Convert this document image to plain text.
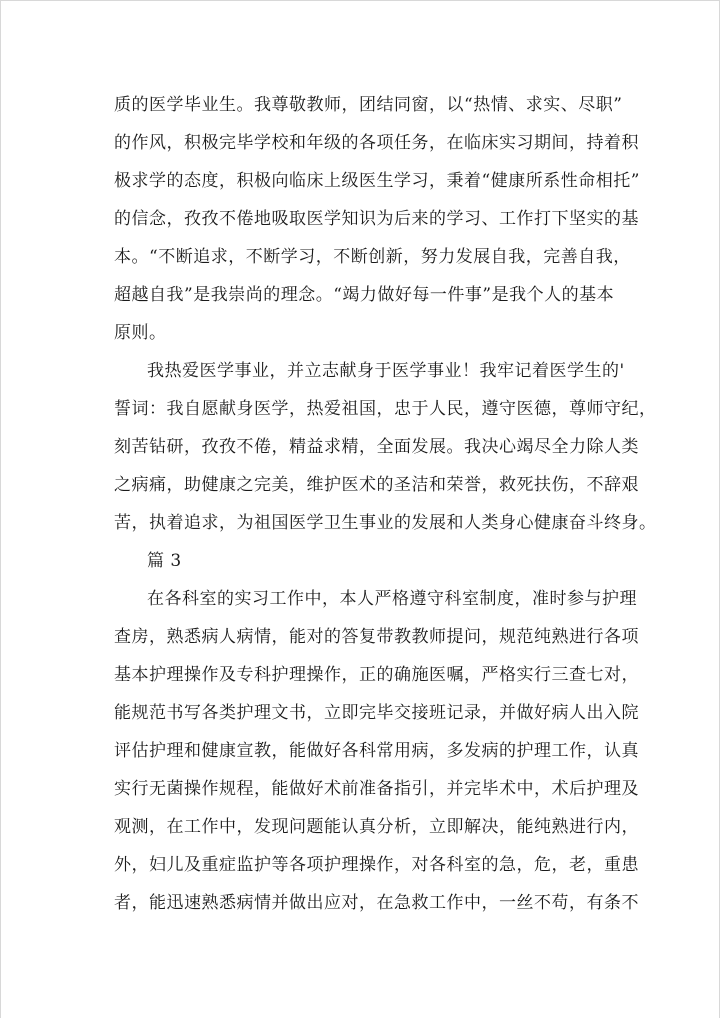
质的医学毕业生。我尊敬教师，团结同窗，以“热情、求实、尽职”
的作风，积极完毕学校和年级的各项任务，在临床实习期间，持着积
极求学的态度，积极向临床上级医生学习，秉着“健康所系性命相托”
的信念，孜孜不倦地吸取医学知识为后来的学习、工作打下坚实的基
本。“不断追求，不断学习，不断创新，努力发展自我，完善自我，
超越自我”是我崇尚的理念。“竭力做好每一件事”是我个人的基本
原则。
我热爱医学事业，并立志献身于医学事业！我牢记着医学生的'
誓词：我自愿献身医学，热爱祖国，忠于人民，遵守医德，尊师守纪，
刻苦钻研，孜孜不倦，精益求精，全面发展。我决心竭尽全力除人类
之病痛，助健康之完美，维护医术的圣洁和荣誉，救死扶伤，不辞艰
苦，执着追求，为祖国医学卫生事业的发展和人类身心健康奋斗终身。
篇 3
在各科室的实习工作中，本人严格遵守科室制度，准时参与护理
查房，熟悉病人病情，能对的答复带教教师提问，规范纯熟进行各项
基本护理操作及专科护理操作，正的确施医嘱，严格实行三查七对，
能规范书写各类护理文书，立即完毕交接班记录，并做好病人出入院
评估护理和健康宣教，能做好各科常用病，多发病的护理工作，认真
实行无菌操作规程，能做好术前准备指引，并完毕术中，术后护理及
观测，在工作中，发现问题能认真分析，立即解决，能纯熟进行内，
外，妇儿及重症监护等各项护理操作，对各科室的急，危，老，重患
者，能迅速熟悉病情并做出应对，在急救工作中，一丝不苟，有条不
